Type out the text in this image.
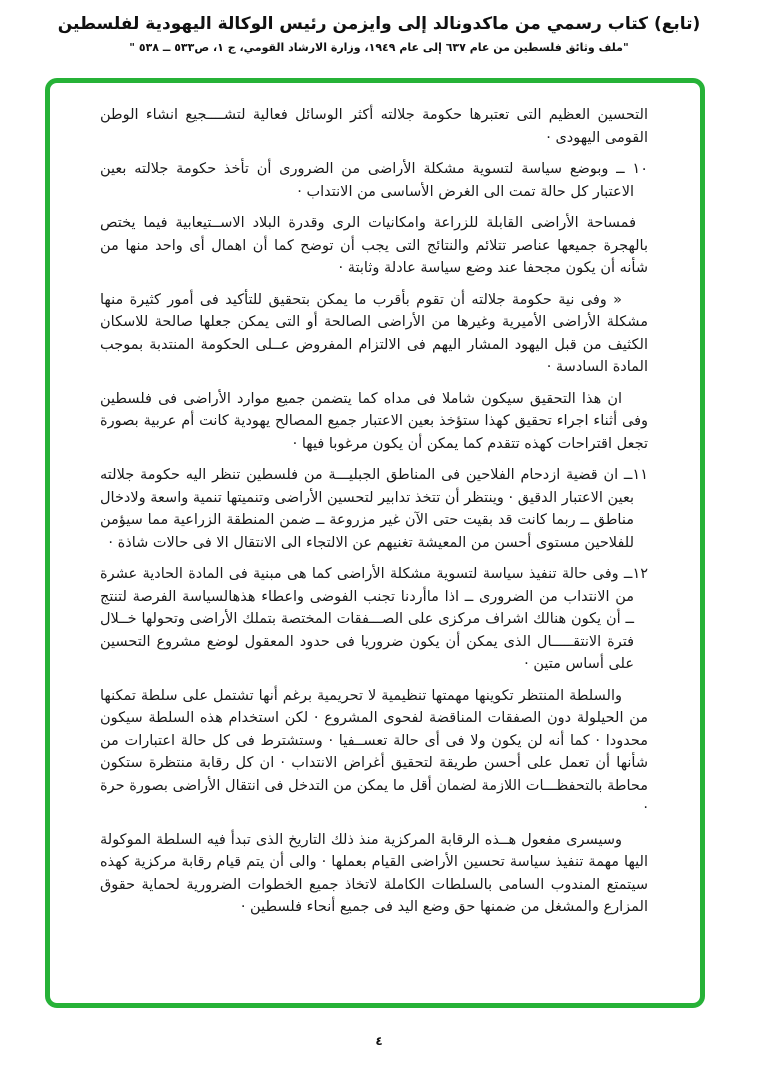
(تابع) كتاب رسمي من ماكدونالد إلى وايزمن رئيس الوكالة اليهودية لفلسطين
"ملف وثائق فلسطين من عام ٦٣٧ إلى عام ١٩٤٩، وزارة الارشاد القومي، ج ١، ص٥٣٣ ــ ٥٣٨ "

التحسين العظيم التى تعتبرها حكومة جلالته أكثر الوسائل فعالية لتشــــجيع انشاء الوطن القومى اليهودى ·

١٠ ــ وبوضع سياسة لتسوية مشكلة الأراضى من الضرورى أن تأخذ حكومة جلالته بعين الاعتبار كل حالة تمت الى الغرض الأساسى من الانتداب ·

فمساحة الأراضى القابلة للزراعة وامكانيات الرى وقدرة البلاد الاســتيعابية فيما يختص بالهجرة جميعها عناصر تتلائم والنتائج التى يجب أن توضح كما أن اهمال أى واحد منها من شأنه أن يكون مجحفا عند وضع سياسة عادلة وثابتة ·

« وفى نية حكومة جلالته أن تقوم بأقرب ما يمكن بتحقيق للتأكيد فى أمور كثيرة منها مشكلة الأراضى الأميرية وغيرها من الأراضى الصالحة أو التى يمكن جعلها صالحة للاسكان الكثيف من قبل اليهود المشار اليهم فى الالتزام المفروض عــلى الحكومة المنتدبة بموجب المادة السادسة ·

ان هذا التحقيق سيكون شاملا فى مداه كما يتضمن جميع موارد الأراضى فى فلسطين وفى أثناء اجراء تحقيق كهذا ستؤخذ بعين الاعتبار جميع المصالح يهودية كانت أم عربية بصورة تجعل اقتراحات كهذه تتقدم كما يمكن أن يكون مرغوبا فيها ·

١١ــ ان قضية ازدحام الفلاحين فى المناطق الجبليـــة من فلسطين تنظر اليه حكومة جلالته بعين الاعتبار الدقيق · وينتظر أن تتخذ تدابير لتحسين الأراضى وتنميتها تنمية واسعة ولادخال مناطق ــ ربما كانت قد بقيت حتى الآن غير مزروعة ــ ضمن المنطقة الزراعية مما سيؤمن للفلاحين مستوى أحسن من المعيشة تغنيهم عن الالتجاء الى الانتقال الا فى حالات شاذة ·

١٢ــ وفى حالة تنفيذ سياسة لتسوية مشكلة الأراضى كما هى مبنية فى المادة الحادية عشرة من الانتداب من الضرورى ــ اذا ماأردنا تجنب الفوضى واعطاء هذهالسياسة الفرصة لتنتج ــ أن يكون هنالك اشراف مركزى على الصـــفقات المختصة بتملك الأراضى وتحولها خــلال فترة الانتقـــــال الذى يمكن أن يكون ضروريا فى حدود المعقول لوضع مشروع التحسين على أساس متين ·

والسلطة المنتظر تكوينها مهمتها تنظيمية لا تحريمية برغم أنها تشتمل على سلطة تمكنها من الحيلولة دون الصفقات المناقضة لفحوى المشروع · لكن استخدام هذه السلطة سيكون محدودا · كما أنه لن يكون ولا فى أى حالة تعســفيا · وستشترط فى كل حالة اعتبارات من شأنها أن تعمل على أحسن طريقة لتحقيق أغراض الانتداب · ان كل رقابة منتظرة ستكون محاطة بالتحفظـــات اللازمة لضمان أقل ما يمكن من التدخل فى انتقال الأراضى بصورة حرة ·

وسيسرى مفعول هــذه الرقابة المركزية منذ ذلك التاريخ الذى تبدأ فيه السلطة الموكولة اليها مهمة تنفيذ سياسة تحسين الأراضى القيام بعملها · والى أن يتم قيام رقابة مركزية كهذه سيتمتع المندوب السامى بالسلطات الكاملة لاتخاذ جميع الخطوات الضرورية لحماية حقوق المزارع والمشغل من ضمنها حق وضع اليد فى جميع أنحاء فلسطين ·

٤
